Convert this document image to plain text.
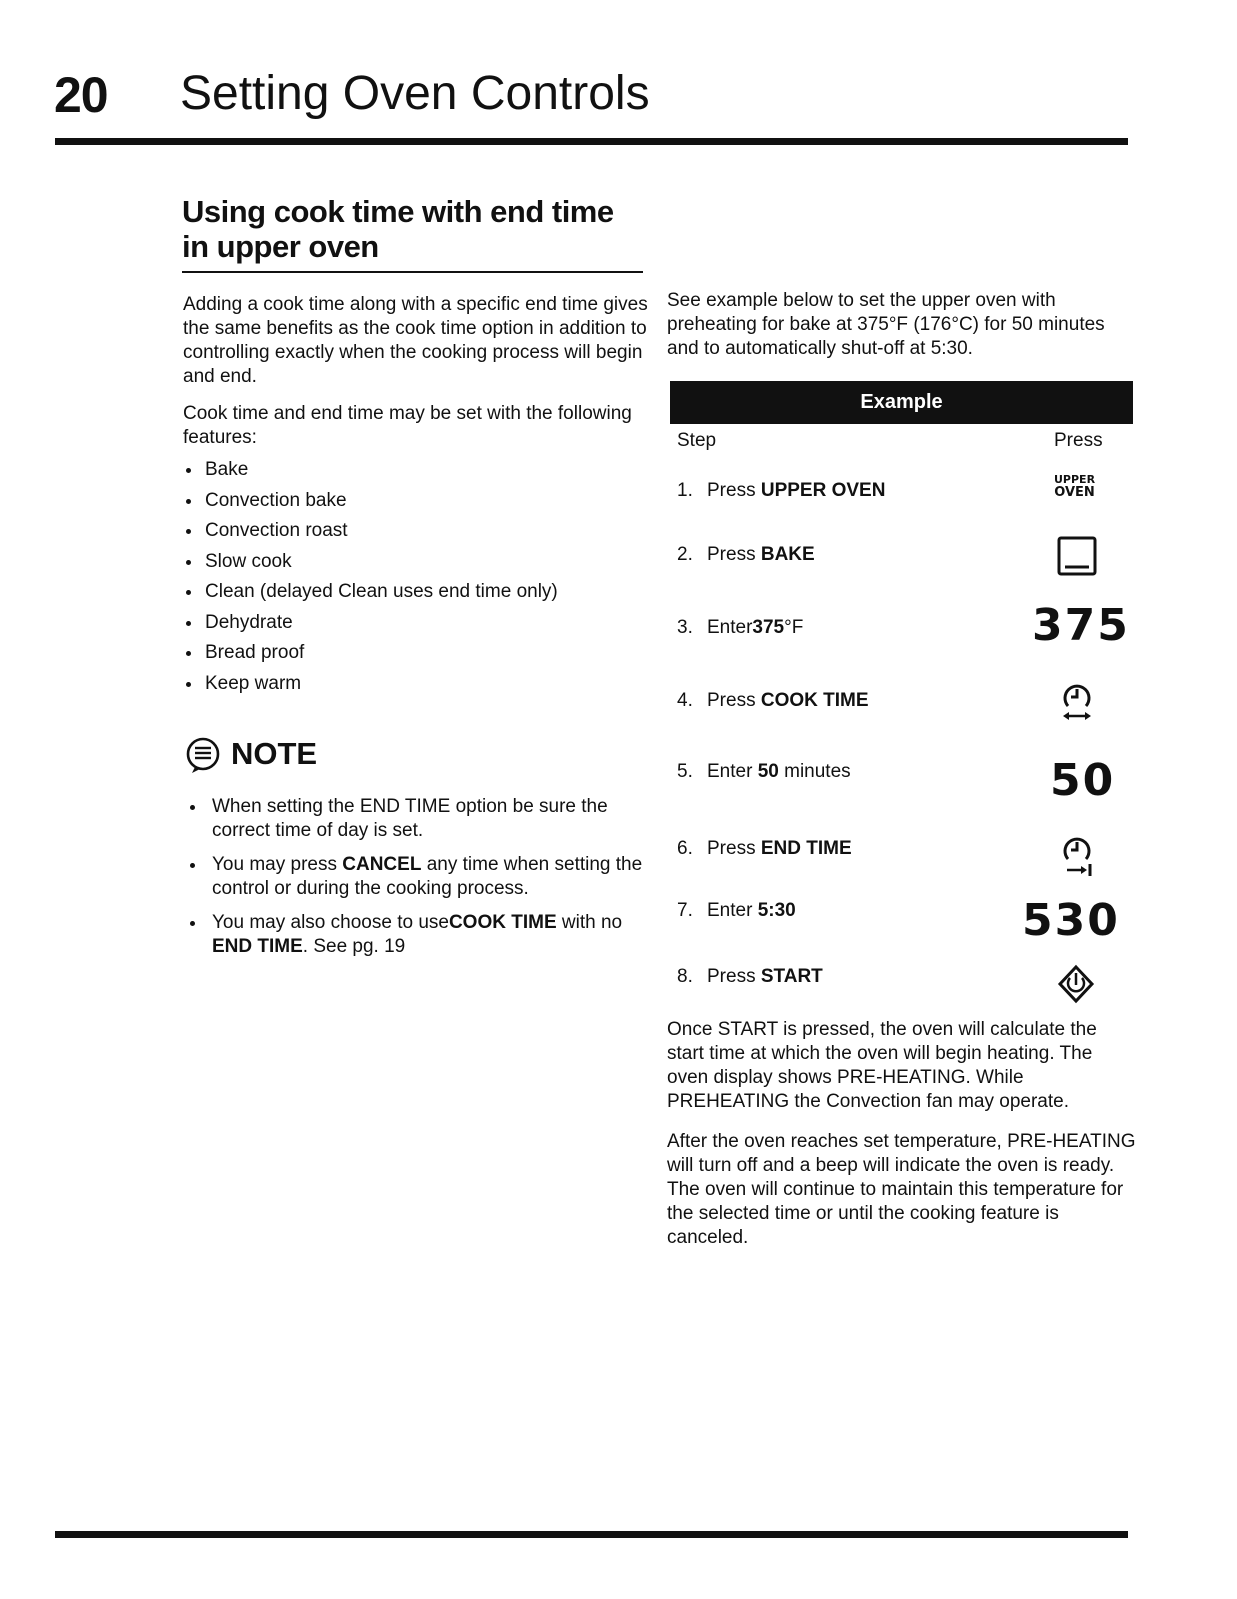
20 Setting Oven Controls
Using cook time with end time
in upper oven
Adding a cook time along with a specific end time gives the same benefits as the cook time option in addition to controlling exactly when the cooking process will begin and end.
Cook time and end time may be set with the following features:
Bake
Convection bake
Convection roast
Slow cook
Clean (delayed Clean uses end time only)
Dehydrate
Bread proof
Keep warm
NOTE
When setting the END TIME option be sure the correct time of day is set.
You may press CANCEL any time when setting the control or during the cooking process.
You may also choose to useCOOK TIME with no END TIME. See pg. 19
See example below to set the upper oven with preheating for bake at 375°F (176°C) for 50 minutes and to automatically shut-off at 5:30.
Example
Step	Press
1. Press UPPER OVEN
2. Press BAKE
3. Enter375°F
4. Press COOK TIME
5. Enter 50 minutes
6. Press END TIME
7. Enter 5:30
8. Press START
UPPER
OVEN
375
50
530
Once START is pressed, the oven will calculate the start time at which the oven will begin heating. The oven display shows PRE-HEATING. While PREHEATING the Convection fan may operate.
After the oven reaches set temperature, PRE-HEATING will turn off and a beep will indicate the oven is ready. The oven will continue to maintain this temperature for the selected time or until the cooking feature is canceled.
